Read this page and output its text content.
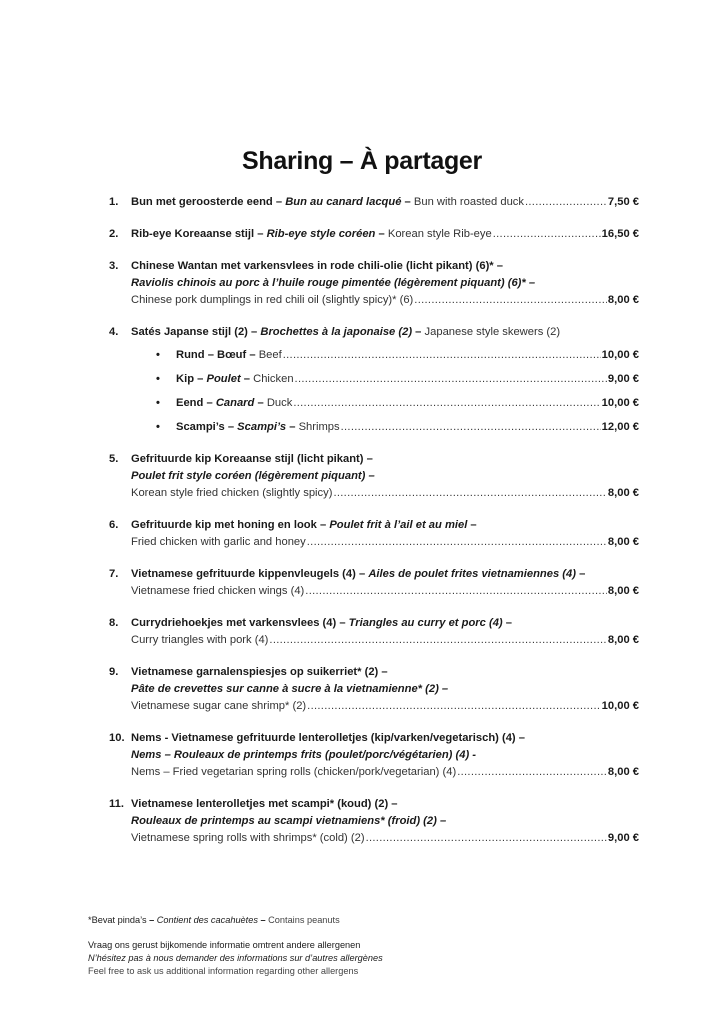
Sharing – À partager
1. Bun met geroosterde eend – Bun au canard lacqué – Bun with roasted duck .....	7,50 €
2. Rib-eye Koreaanse stijl – Rib-eye style coréen – Korean style Rib-eye .....	16,50 €
3. Chinese Wantan met varkensvlees in rode chili-olie (licht pikant) (6)* –
Raviolis chinois au porc à l’huile rouge pimentée (légèrement piquant) (6)* –
Chinese pork dumplings in red chili oil (slightly spicy)* (6) .....	8,00 €
4. Satés Japanse stijl (2) – Brochettes à la japonaise (2) – Japanese style skewers (2)
• Rund – Bœuf – Beef .....	10,00 €
• Kip – Poulet – Chicken .....	9,00 €
• Eend – Canard – Duck .....	10,00 €
• Scampi’s – Scampi’s – Shrimps .....	12,00 €
5. Gefrituurde kip Koreaanse stijl (licht pikant) –
Poulet frit style coréen (légèrement piquant) –
Korean style fried chicken (slightly spicy) .....	8,00 €
6. Gefrituurde kip met honing en look – Poulet frit à l’ail et au miel –
Fried chicken with garlic and honey .....	8,00 €
7. Vietnamese gefrituurde kippenvleugels (4) – Ailes de poulet frites vietnamiennes (4) –
Vietnamese fried chicken wings (4) .....	8,00 €
8. Currydriehoekjes met varkensvlees (4) – Triangles au curry et porc (4) –
Curry triangles with pork (4) .....	8,00 €
9. Vietnamese garnalenspiesjes op suikerriet* (2) –
Pâte de crevettes sur canne à sucre à la vietnamienne* (2) –
Vietnamese sugar cane shrimp* (2) .....	10,00 €
10. Nems - Vietnamese gefrituurde lenterolletjes (kip/varken/vegetarisch) (4) –
Nems – Rouleaux de printemps frits (poulet/porc/végétarien) (4) -
Nems – Fried vegetarian spring rolls (chicken/pork/vegetarian) (4) .....	8,00 €
11. Vietnamese lenterolletjes met scampi* (koud) (2) –
Rouleaux de printemps au scampi vietnamiens* (froid) (2) –
Vietnamese spring rolls with shrimps* (cold) (2) .....	9,00 €
*Bevat pinda’s – Contient des cacahuètes – Contains peanuts
Vraag ons gerust bijkomende informatie omtrent andere allergenen
N’hésitez pas à nous demander des informations sur d’autres allergènes
Feel free to ask us additional information regarding other allergens
